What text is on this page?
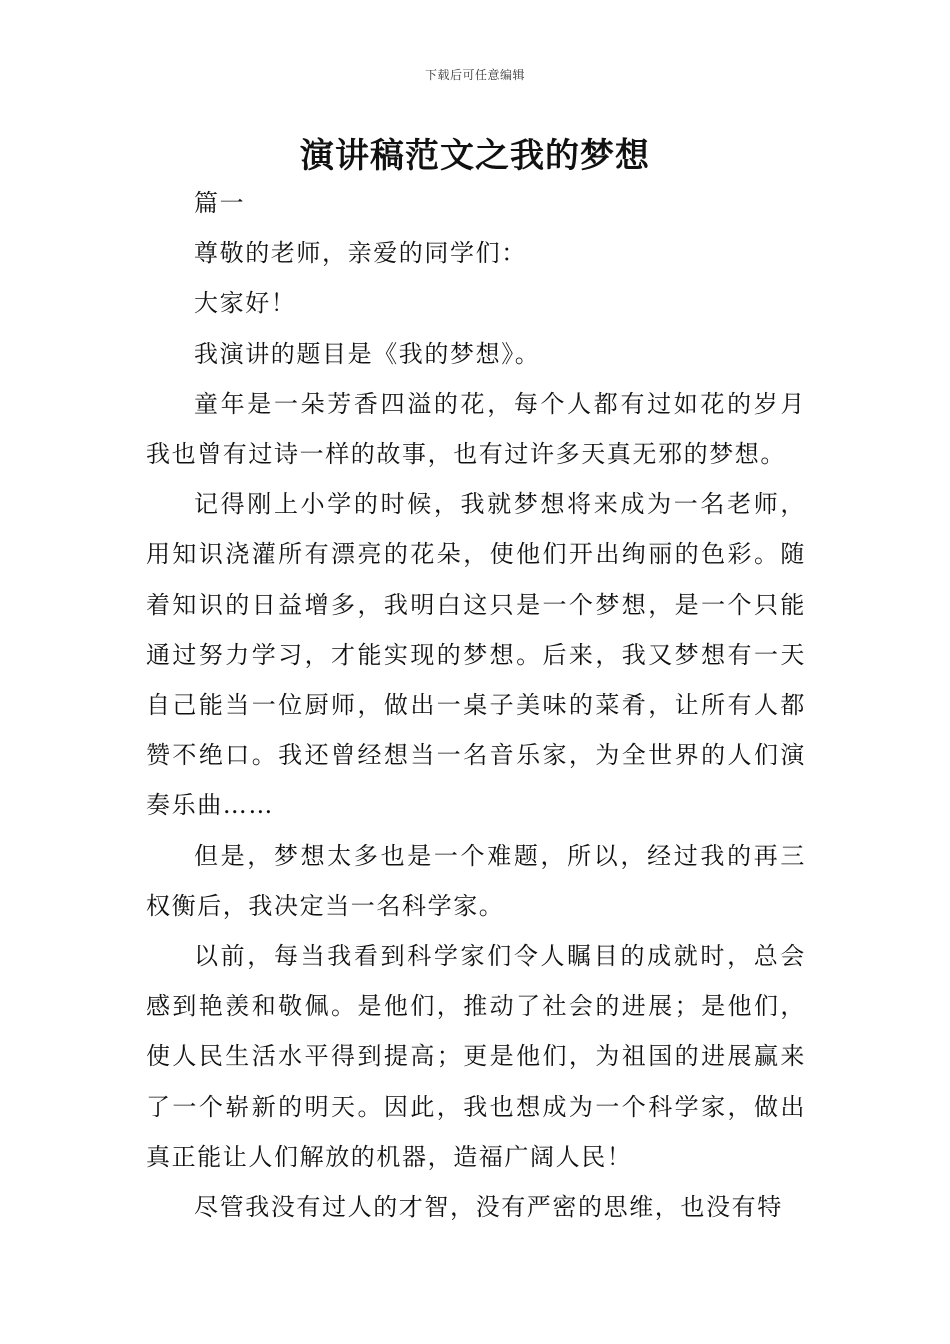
下载后可任意编辑
演讲稿范文之我的梦想

篇一

尊敬的老师，亲爱的同学们：

大家好！

我演讲的题目是《我的梦想》。

童年是一朵芳香四溢的花，每个人都有过如花的岁月我也曾有过诗一样的故事，也有过许多天真无邪的梦想。

记得刚上小学的时候，我就梦想将来成为一名老师，用知识浇灌所有漂亮的花朵，使他们开出绚丽的色彩。随着知识的日益增多，我明白这只是一个梦想，是一个只能通过努力学习，才能实现的梦想。后来，我又梦想有一天自己能当一位厨师，做出一桌子美味的菜肴，让所有人都赞不绝口。我还曾经想当一名音乐家，为全世界的人们演奏乐曲……

但是，梦想太多也是一个难题，所以，经过我的再三权衡后，我决定当一名科学家。

以前，每当我看到科学家们令人瞩目的成就时，总会感到艳羡和敬佩。是他们，推动了社会的进展；是他们，使人民生活水平得到提高；更是他们，为祖国的进展赢来了一个崭新的明天。因此，我也想成为一个科学家，做出真正能让人们解放的机器，造福广阔人民！

尽管我没有过人的才智，没有严密的思维，也没有特
